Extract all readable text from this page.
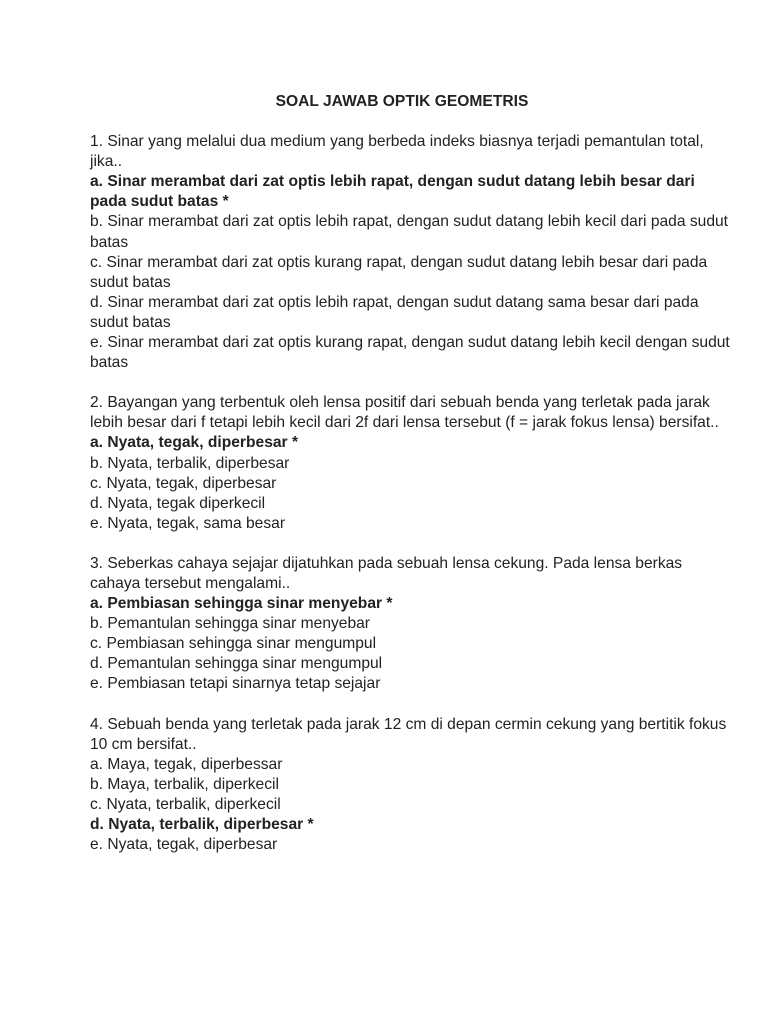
SOAL JAWAB OPTIK GEOMETRIS

1. Sinar yang melalui dua medium yang berbeda indeks biasnya terjadi pemantulan total, jika..

a. Sinar merambat dari zat optis lebih rapat, dengan sudut datang lebih besar dari pada sudut batas *
b. Sinar merambat dari zat optis lebih rapat, dengan sudut datang lebih kecil dari pada sudut batas
c. Sinar merambat dari zat optis kurang rapat, dengan sudut datang lebih besar dari pada sudut batas
d. Sinar merambat dari zat optis lebih rapat, dengan sudut datang sama besar dari pada sudut batas
e. Sinar merambat dari zat optis kurang rapat, dengan sudut datang lebih kecil dengan sudut batas

2. Bayangan yang terbentuk oleh lensa positif dari sebuah benda yang terletak pada jarak lebih besar dari f tetapi lebih kecil dari 2f dari lensa tersebut (f = jarak fokus lensa) bersifat..

a. Nyata, tegak, diperbesar *
b. Nyata, terbalik, diperbesar
c. Nyata, tegak, diperbesar
d. Nyata, tegak diperkecil
e. Nyata, tegak, sama besar

3. Seberkas cahaya sejajar dijatuhkan pada sebuah lensa cekung. Pada lensa berkas cahaya tersebut mengalami..

a. Pembiasan sehingga sinar menyebar *
b. Pemantulan sehingga sinar menyebar
c. Pembiasan sehingga sinar mengumpul
d. Pemantulan sehingga sinar mengumpul
e. Pembiasan tetapi sinarnya tetap sejajar

4. Sebuah benda yang terletak pada jarak 12 cm di depan cermin cekung yang bertitik fokus 10 cm bersifat..

a. Maya, tegak, diperbessar
b. Maya, terbalik, diperkecil
c. Nyata, terbalik, diperkecil
d. Nyata, terbalik, diperbesar *
e. Nyata, tegak, diperbesar
